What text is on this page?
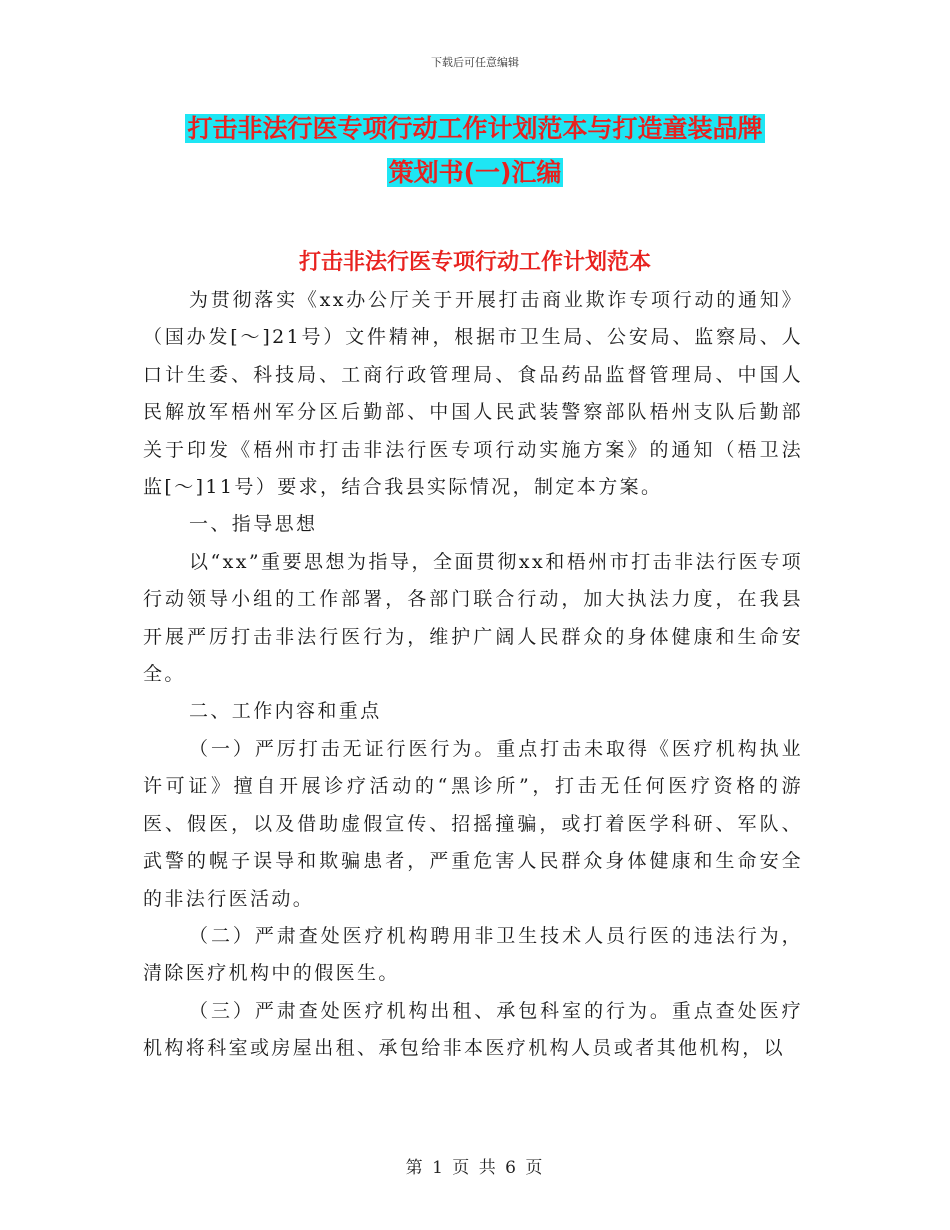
下载后可任意编辑
打击非法行医专项行动工作计划范本与打造童装品牌
策划书(一)汇编
打击非法行医专项行动工作计划范本

为贯彻落实《xx办公厅关于开展打击商业欺诈专项行动的通知》（国办发[～]21号）文件精神，根据市卫生局、公安局、监察局、人口计生委、科技局、工商行政管理局、食品药品监督管理局、中国人民解放军梧州军分区后勤部、中国人民武装警察部队梧州支队后勤部关于印发《梧州市打击非法行医专项行动实施方案》的通知（梧卫法监[～]11号）要求，结合我县实际情况，制定本方案。

一、指导思想

以“xx”重要思想为指导，全面贯彻xx和梧州市打击非法行医专项行动领导小组的工作部署，各部门联合行动，加大执法力度，在我县开展严厉打击非法行医行为，维护广阔人民群众的身体健康和生命安全。

二、工作内容和重点

（一）严厉打击无证行医行为。重点打击未取得《医疗机构执业许可证》擅自开展诊疗活动的“黑诊所”，打击无任何医疗资格的游医、假医，以及借助虚假宣传、招摇撞骗，或打着医学科研、军队、武警的幌子误导和欺骗患者，严重危害人民群众身体健康和生命安全的非法行医活动。

（二）严肃查处医疗机构聘用非卫生技术人员行医的违法行为，清除医疗机构中的假医生。

（三）严肃查处医疗机构出租、承包科室的行为。重点查处医疗机构将科室或房屋出租、承包给非本医疗机构人员或者其他机构，以

第 1 页 共 6 页
